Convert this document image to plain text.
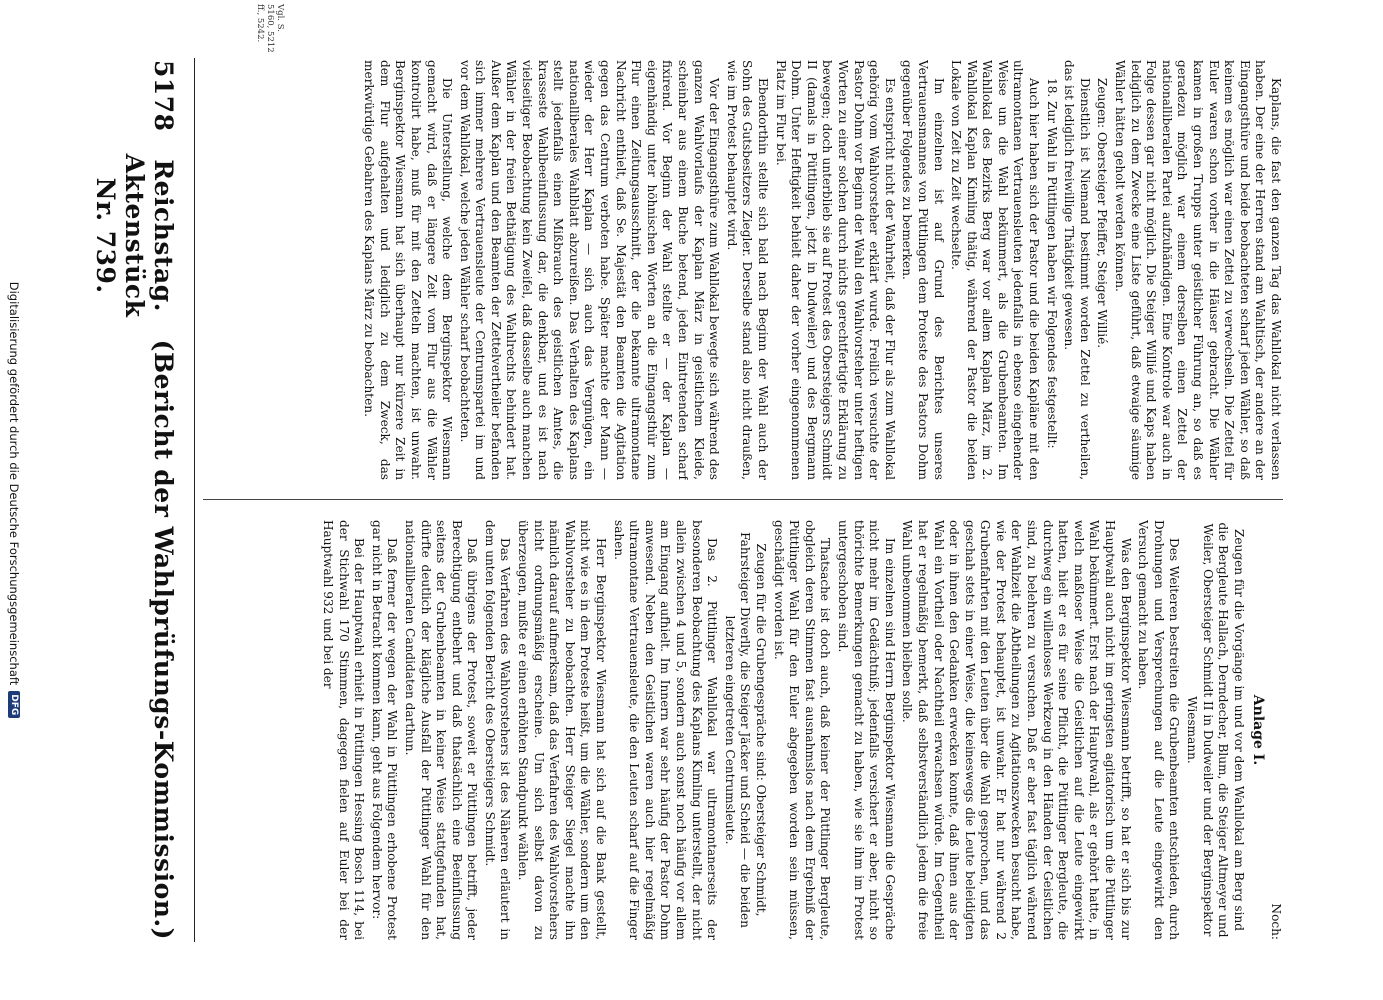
5178
Reichstag. Aktenstück Nr. 739.
(Bericht der Wahlprüfungs-Kommission.)
Vgl. S. 5160, 5212 ff., 5242.

Kaplans, die fast den ganzen Tag das Wahllokal nicht verlassen haben. Der eine der Herren stand am Wahltisch, der andere an der Eingangsthüre und beide beobachteten scharf jeden Wähler, so daß keinem es möglich war einen Zettel zu verwechseln. Die Zettel für Euler waren schon vorher in die Häuser gebracht. Die Wähler kamen in großen Trupps unter geistlicher Führung an, so daß es geradezu möglich war einem derselben einen Zettel der nationalliberalen Partei aufzuhändigen. Eine Kontrole war auch in Folge dessen gar nicht möglich. Die Steiger Willié und Kaps haben lediglich zu dem Zwecke eine Liste geführt, daß etwaige säumige Wähler hätten geholt werden können.

Zeugen: Obersteiger Pfeiffer, Steiger Willié.

Dienstlich ist Niemand bestimmt worden Zettel zu vertheilen, das ist lediglich freiwillige Thätigkeit gewesen.

18. Zur Wahl in Püttlingen haben wir Folgendes festgestellt:

Auch hier haben sich der Pastor und die beiden Kapläne mit den ultramontanen Vertrauensleuten jedenfalls in ebenso eingehender Weise um die Wahl bekümmert, als die Grubenbeamten. Im Wahllokal des Bezirks Berg war vor allem Kaplan März, im 2. Wahllokal Kaplan Kimling thätig, während der Pastor die beiden Lokale von Zeit zu Zeit wechselte.

Im einzelnen ist auf Grund des Berichtes unseres Vertrauensmannes von Püttlingen dem Proteste des Pastors Dohm gegenüber Folgendes zu bemerken.

Es entspricht nicht der Wahrheit, daß der Flur als zum Wahllokal gehörig vom Wahlvorsteher erklärt wurde. Freilich versuchte der Pastor Dohm vor Beginn der Wahl den Wahlvorsteher unter heftigen Worten zu einer solchen durch nichts gerechtfertigte Erklärung zu bewegen; doch unterblieb sie auf Protest des Obersteigers Schmidt II (damals in Püttlingen, jetzt in Dudweiler) und des Bergmann Dohm. Unter Heftigkeit behielt daher der vorher eingenommenen Platz im Flur bei.

Ebendorthin stellte sich bald nach Beginn der Wahl auch der Sohn des Gutsbesitzers Ziegler. Derselbe stand also nicht draußen, wie im Protest behauptet wird.

Vor der Eingangsthüre zum Wahllokal bewegte sich während des ganzen Wahlvorlaufs der Kaplan März in geistlichem Kleide, scheinbar aus einem Buche betend, jeden Eintretenden scharf fixirend. Vor Beginn der Wahl stellte er — der Kaplan — eigenhändig unter höhnischen Worten an die Eingangsthür zum Flur einen Zeitungsausschnitt, der die bekannte ultramontane Nachricht enthielt, daß Se. Majestät den Beamten die Agitation gegen das Centrum verboten habe. Später machte der Mann — wieder der Herr Kaplan — sich auch das Vergnügen, ein nationalliberales Wahlblatt abzureißen. Das Verhalten des Kaplans stellt jedenfalls einen Mißbrauch des geistlichen Amtes, die krasseste Wahlbeeinflussung dar, die denkbar, und es ist nach vielseitiger Beobachtung kein Zweifel, daß dasselbe auch manchen Wähler in der freien Bethätigung des Wahlrechts behindert hat. Außer dem Kaplan und den Beamten der Zettelvertheiler befanden sich immer mehrere Vertrauensleute der Centrumspartei im und vor dem Wahllokal, welche jeden Wähler scharf beobachteten.

Die Unterstellung, welche dem Berginspektor Wiesmann gemacht wird, daß er längere Zeit vom Flur aus die Wähler kontrolirt habe, muß für mit den Zetteln machten, ist unwahr. Berginspektor Wiesmann hat sich überhaupt nur kürzere Zeit in dem Flur aufgehalten und lediglich zu dem Zweck, das merkwürdige Gebahren des Kaplans März zu beobachten.

Noch:

Anlage I.

Zeugen für die Vorgänge im und vor dem Wahllokal am Berg sind die Bergleute Hallach, Derndecher, Blum, die Steiger Altmeyer und Weiler, Obersteiger Schmidt II in Dudweiler und der Berginspektor Wiesmann.

Des Weiteren bestreiten die Grubenbeamten entschieden, durch Drohungen und Versprechungen auf die Leute eingewirkt den Versuch gemacht zu haben.

Was den Berginspektor Wiesmann betrifft, so hat er sich bis zur Hauptwahl auch nicht im geringsten agitatorisch um die Püttlinger Wahl bekümmert. Erst nach der Hauptwahl, als er gehört hatte, in welch maßloser Weise die Geistlichen auf die Leute eingewirkt hatten, hielt er es für seine Pflicht, die Püttlinger Bergleute, die durchweg ein willenloses Werkzeug in den Händen der Geistlichen sind, zu belehren zu versuchen. Daß er aber fast täglich während der Wahlzeit die Abtheilungen zu Agitationszwecken besucht habe, wie der Protest behauptet, ist unwahr. Er hat nur während 2 Grubenfahrten mit den Leuten über die Wahl gesprochen, und das geschah stets in einer Weise, die keineswegs die Leute beleidigten oder in ihnen den Gedanken erwecken konnte, daß ihnen aus der Wahl ein Vortheil oder Nachtheil erwachsen würde. Im Gegentheil hat er regelmäßig bemerkt, daß selbstverständlich jedem die freie Wahl unbenommen bleiben solle.

Im einzelnen sind Herrn Berginspektor Wiesmann die Gespräche nicht mehr im Gedächtniß; jedenfalls versichert er aber, nicht so thörichte Bemerkungen gemacht zu haben, wie sie ihm im Protest untergeschoben sind.

Thatsache ist doch auch, daß keiner der Püttlinger Bergleute, obgleich deren Stimmen fast ausnahmslos nach dem Ergebniß der Püttlinger Wahl für den Euler abgegeben worden sein müssen, geschädigt worden ist.

Zeugen für die Grubengespräche sind: Obersteiger Schmidt, Fahrsteiger Diverlly, die Steiger Jäcker und Scheid — die beiden letzteren eingetreten Centrumsleute.

Das 2. Püttlinger Wahllokal war ultramontanerseits der besonderen Beobachtung des Kaplans Kimling unterstellt, der nicht allein zwischen 4 und 5, sondern auch sonst noch häufig vor allem am Eingang aufhielt. Im Innern war sehr häufig der Pastor Dohm anwesend. Neben den Geistlichen waren auch hier regelmäßig ultramontane Vertrauensleute, die den Leuten scharf auf die Finger sahen.

Herr Berginspektor Wiesmann hat sich auf die Bank gestellt, nicht wie es in dem Proteste heißt, um die Wähler, sondern um den Wahlvorsteher zu beobachten. Herr Steiger Siegel machte ihn nämlich darauf aufmerksam, daß das Verfahren des Wahlvorstehers nicht ordnungsmäßig erscheine. Um sich selbst davon zu überzeugen, mußte er einen erhöhten Standpunkt wählen.

Das Verfahren des Wahlvorstehers ist des Näheren erläutert in dem unten folgenden Bericht des Obersteigers Schmidt.

Daß übrigens der Protest, soweit er Püttlingen betrifft, jeder Berechtigung entbehrt und daß thatsächlich eine Beeinflussung seitens der Grubenbeamten in keiner Weise stattgefunden hat, dürfte deutlich der klägliche Ausfall der Püttlinger Wahl für den nationalliberalen Candidaten darthun.

Daß ferner der wegen der Wahl in Püttlingen erhobene Protest gar nicht in Betracht kommen kann, geht aus Folgendem hervor:

Bei der Hauptwahl erhielt in Püttlingen Hessing Bosch 114, bei der Stichwahl 170 Stimmen, dagegen fielen auf Euler bei der Hauptwahl 932 und bei der

Digitalisierung gefördert durch die Deutsche Forschungsgemeinschaft
DFG
